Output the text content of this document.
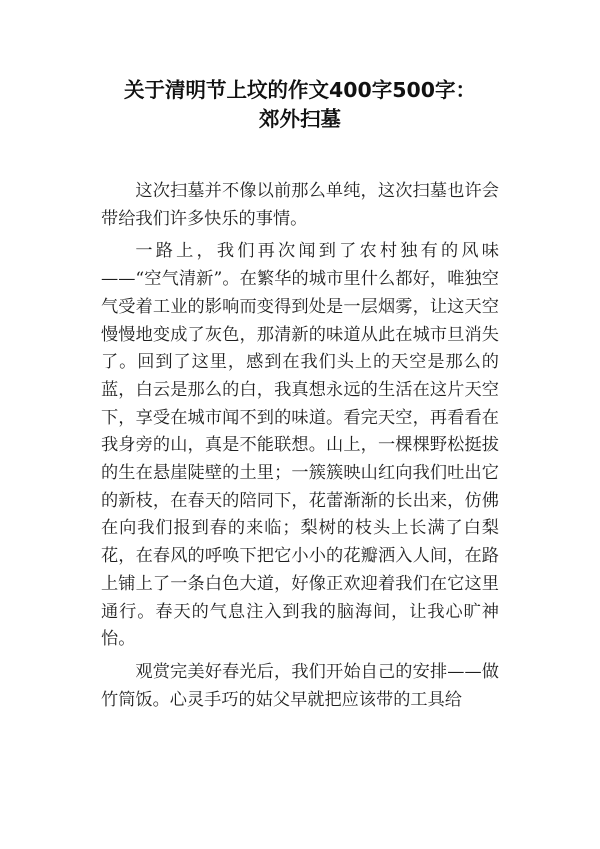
关于清明节上坟的作文400字500字：
郊外扫墓

这次扫墓并不像以前那么单纯，这次扫墓也许会带给我们许多快乐的事情。

一路上，我们再次闻到了农村独有的风味——“空气清新”。在繁华的城市里什么都好，唯独空气受着工业的影响而变得到处是一层烟雾，让这天空慢慢地变成了灰色，那清新的味道从此在城市旦消失了。回到了这里，感到在我们头上的天空是那么的蓝，白云是那么的白，我真想永远的生活在这片天空下，享受在城市闻不到的味道。看完天空，再看看在我身旁的山，真是不能联想。山上，一棵棵野松挺拔的生在悬崖陡壁的土里；一簇簇映山红向我们吐出它的新枝，在春天的陪同下，花蕾渐渐的长出来，仿佛在向我们报到春的来临；梨树的枝头上长满了白梨花，在春风的呼唤下把它小小的花瓣洒入人间，在路上铺上了一条白色大道，好像正欢迎着我们在它这里通行。春天的气息注入到我的脑海间，让我心旷神怡。

观赏完美好春光后，我们开始自己的安排——做竹筒饭。心灵手巧的姑父早就把应该带的工具给
